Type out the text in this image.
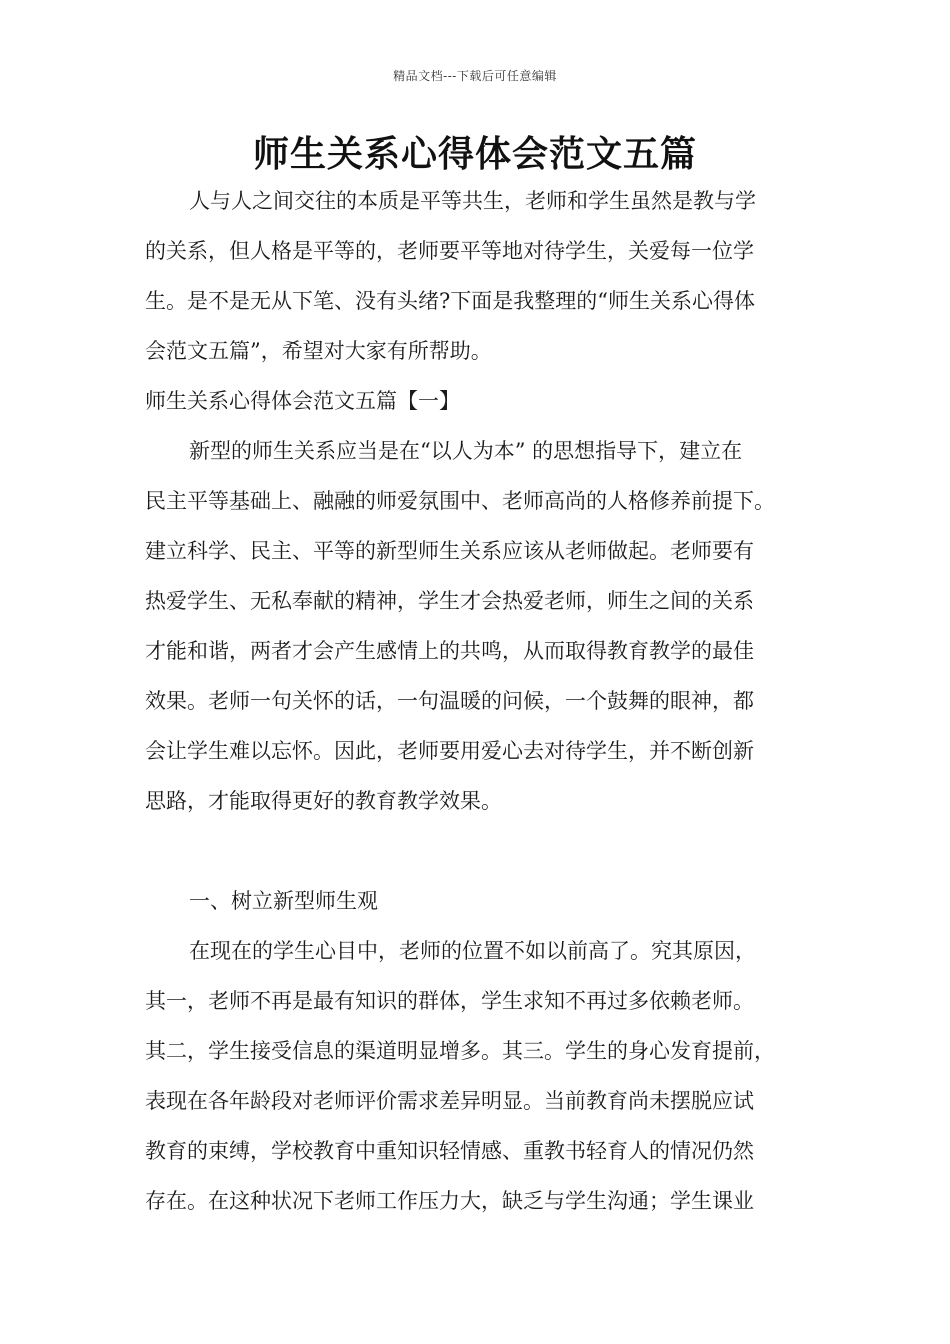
精品文档---下载后可任意编辑
师生关系心得体会范文五篇

人与人之间交往的本质是平等共生，老师和学生虽然是教与学

的关系，但人格是平等的，老师要平等地对待学生，关爱每一位学

生。是不是无从下笔、没有头绪?下面是我整理的“师生关系心得体

会范文五篇”，希望对大家有所帮助。

师生关系心得体会范文五篇【一】

新型的师生关系应当是在“以人为本” 的思想指导下，建立在

民主平等基础上、融融的师爱氛围中、老师高尚的人格修养前提下。

建立科学、民主、平等的新型师生关系应该从老师做起。老师要有

热爱学生、无私奉献的精神，学生才会热爱老师，师生之间的关系

才能和谐，两者才会产生感情上的共鸣，从而取得教育教学的最佳

效果。老师一句关怀的话，一句温暖的问候，一个鼓舞的眼神，都

会让学生难以忘怀。因此，老师要用爱心去对待学生，并不断创新

思路，才能取得更好的教育教学效果。

一、树立新型师生观

在现在的学生心目中，老师的位置不如以前高了。究其原因，

其一，老师不再是最有知识的群体，学生求知不再过多依赖老师。

其二，学生接受信息的渠道明显增多。其三。学生的身心发育提前，

表现在各年龄段对老师评价需求差异明显。当前教育尚未摆脱应试

教育的束缚，学校教育中重知识轻情感、重教书轻育人的情况仍然

存在。在这种状况下老师工作压力大，缺乏与学生沟通；学生课业
